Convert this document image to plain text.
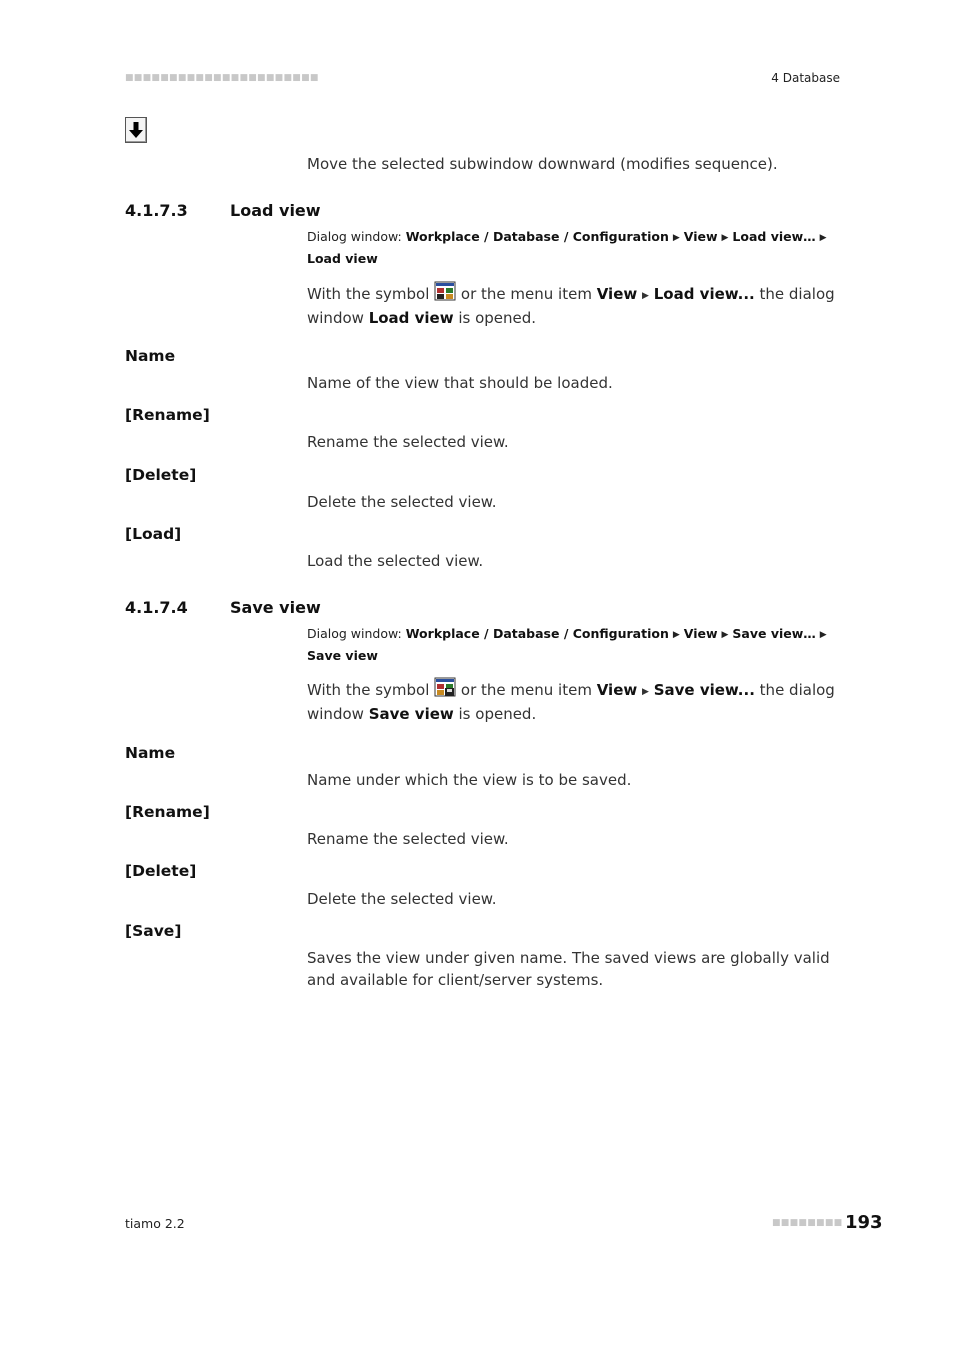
■■■■■■■■■■■■■■■■■■■■■■	4 Database
Move the selected subwindow downward (modifies sequence).
4.1.7.3	Load view
Dialog window: Workplace / Database / Configuration ▶ View ▶ Load view… ▶ Load view
With the symbol  or the menu item View ▶ Load view... the dialog window Load view is opened.
Name
Name of the view that should be loaded.
[Rename]
Rename the selected view.
[Delete]
Delete the selected view.
[Load]
Load the selected view.
4.1.7.4	Save view
Dialog window: Workplace / Database / Configuration ▶ View ▶ Save view… ▶ Save view
With the symbol  or the menu item View ▶ Save view... the dialog window Save view is opened.
Name
Name under which the view is to be saved.
[Rename]
Rename the selected view.
[Delete]
Delete the selected view.
[Save]
Saves the view under given name. The saved views are globally valid and available for client/server systems.
tiamo 2.2	■■■■■■■■ 193
